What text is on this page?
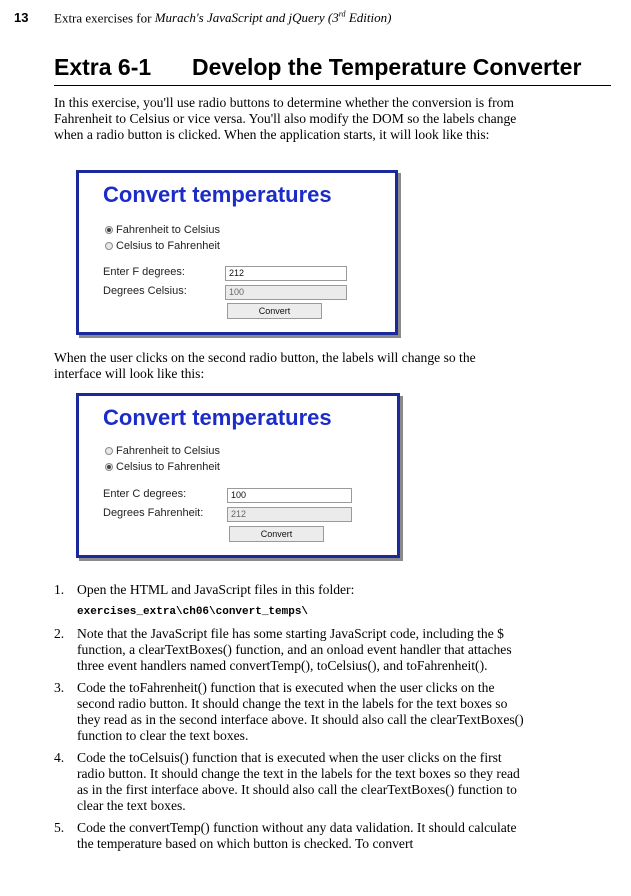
13 Extra exercises for Murach's JavaScript and jQuery (3rd Edition)
Extra 6-1 Develop the Temperature Converter
In this exercise, you'll use radio buttons to determine whether the conversion is from Fahrenheit to Celsius or vice versa. You'll also modify the DOM so the labels change when a radio button is clicked. When the application starts, it will look like this:
Convert temperatures
Fahrenheit to Celsius
Celsius to Fahrenheit
Enter F degrees:	212
Degrees Celsius:	100
Convert
When the user clicks on the second radio button, the labels will change so the interface will look like this:
Convert temperatures
Fahrenheit to Celsius
Celsius to Fahrenheit
Enter C degrees:	100
Degrees Fahrenheit:	212
Convert
1. Open the HTML and JavaScript files in this folder:
exercises_extra\ch06\convert_temps\
2. Note that the JavaScript file has some starting JavaScript code, including the $ function, a clearTextBoxes() function, and an onload event handler that attaches three event handlers named convertTemp(), toCelsius(), and toFahrenheit().
3. Code the toFahrenheit() function that is executed when the user clicks on the second radio button. It should change the text in the labels for the text boxes so they read as in the second interface above. It should also call the clearTextBoxes() function to clear the text boxes.
4. Code the toCelsuis() function that is executed when the user clicks on the first radio button. It should change the text in the labels for the text boxes so they read as in the first interface above. It should also call the clearTextBoxes() function to clear the text boxes.
5. Code the convertTemp() function without any data validation. It should calculate the temperature based on which button is checked. To convert
